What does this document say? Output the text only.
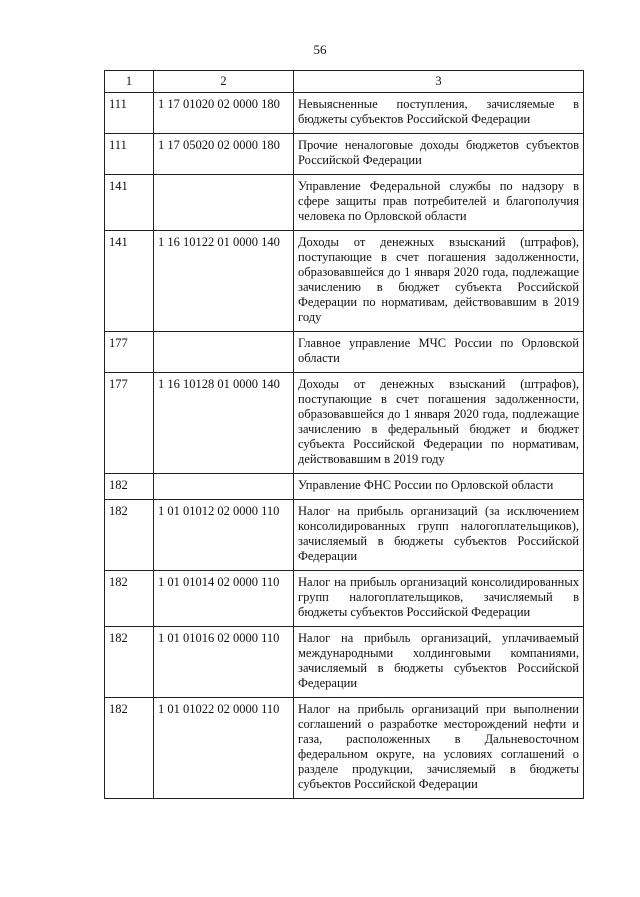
56
1	2	3
111	1 17 01020 02 0000 180	Невыясненные поступления, зачисляемые в бюджеты субъектов Российской Федерации
111	1 17 05020 02 0000 180	Прочие неналоговые доходы бюджетов субъектов Российской Федерации
141		Управление Федеральной службы по надзору в сфере защиты прав потребителей и благополучия человека по Орловской области
141	1 16 10122 01 0000 140	Доходы от денежных взысканий (штрафов), поступающие в счет погашения задолженности, образовавшейся до 1 января 2020 года, подлежащие зачислению в бюджет субъекта Российской Федерации по нормативам, действовавшим в 2019 году
177		Главное управление МЧС России по Орловской области
177	1 16 10128 01 0000 140	Доходы от денежных взысканий (штрафов), поступающие в счет погашения задолженности, образовавшейся до 1 января 2020 года, подлежащие зачислению в федеральный бюджет и бюджет субъекта Российской Федерации по нормативам, действовавшим в 2019 году
182		Управление ФНС России по Орловской области
182	1 01 01012 02 0000 110	Налог на прибыль организаций (за исключением консолидированных групп налогоплательщиков), зачисляемый в бюджеты субъектов Российской Федерации
182	1 01 01014 02 0000 110	Налог на прибыль организаций консолидированных групп налогоплательщиков, зачисляемый в бюджеты субъектов Российской Федерации
182	1 01 01016 02 0000 110	Налог на прибыль организаций, уплачиваемый международными холдинговыми компаниями, зачисляемый в бюджеты субъектов Российской Федерации
182	1 01 01022 02 0000 110	Налог на прибыль организаций при выполнении соглашений о разработке месторождений нефти и газа, расположенных в Дальневосточном федеральном округе, на условиях соглашений о разделе продукции, зачисляемый в бюджеты субъектов Российской Федерации
